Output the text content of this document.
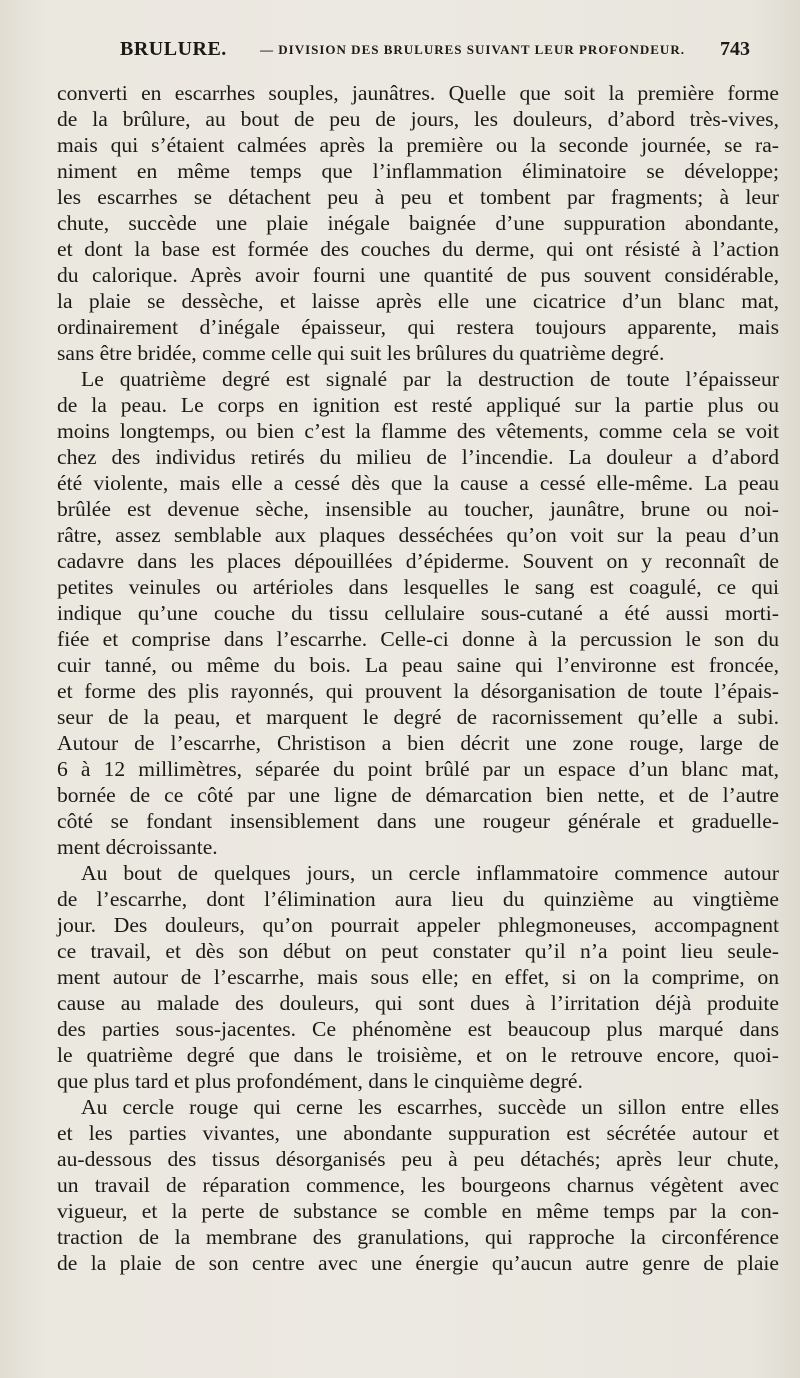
BRULURE.	— DIVISION DES BRULURES SUIVANT LEUR PROFONDEUR. 743
converti en escarrhes souples, jaunâtres. Quelle que soit la première forme
de la brûlure, au bout de peu de jours, les douleurs, d’abord très-vives,
mais qui s’étaient calmées après la première ou la seconde journée, se ra-
niment en même temps que l’inflammation éliminatoire se développe;
les escarrhes se détachent peu à peu et tombent par fragments; à leur
chute, succède une plaie inégale baignée d’une suppuration abondante,
et dont la base est formée des couches du derme, qui ont résisté à l’action
du calorique. Après avoir fourni une quantité de pus souvent considérable,
la plaie se dessèche, et laisse après elle une cicatrice d’un blanc mat,
ordinairement d’inégale épaisseur, qui restera toujours apparente, mais
sans être bridée, comme celle qui suit les brûlures du quatrième degré.
Le quatrième degré est signalé par la destruction de toute l’épaisseur
de la peau. Le corps en ignition est resté appliqué sur la partie plus ou
moins longtemps, ou bien c’est la flamme des vêtements, comme cela se voit
chez des individus retirés du milieu de l’incendie. La douleur a d’abord
été violente, mais elle a cessé dès que la cause a cessé elle-même. La peau
brûlée est devenue sèche, insensible au toucher, jaunâtre, brune ou noi-
râtre, assez semblable aux plaques desséchées qu’on voit sur la peau d’un
cadavre dans les places dépouillées d’épiderme. Souvent on y reconnaît de
petites veinules ou artérioles dans lesquelles le sang est coagulé, ce qui
indique qu’une couche du tissu cellulaire sous-cutané a été aussi morti-
fiée et comprise dans l’escarrhe. Celle-ci donne à la percussion le son du
cuir tanné, ou même du bois. La peau saine qui l’environne est froncée,
et forme des plis rayonnés, qui prouvent la désorganisation de toute l’épais-
seur de la peau, et marquent le degré de racornissement qu’elle a subi.
Autour de l’escarrhe, Christison a bien décrit une zone rouge, large de
6 à 12 millimètres, séparée du point brûlé par un espace d’un blanc mat,
bornée de ce côté par une ligne de démarcation bien nette, et de l’autre
côté se fondant insensiblement dans une rougeur générale et graduelle-
ment décroissante.
Au bout de quelques jours, un cercle inflammatoire commence autour
de l’escarrhe, dont l’élimination aura lieu du quinzième au vingtième
jour. Des douleurs, qu’on pourrait appeler phlegmoneuses, accompagnent
ce travail, et dès son début on peut constater qu’il n’a point lieu seule-
ment autour de l’escarrhe, mais sous elle; en effet, si on la comprime, on
cause au malade des douleurs, qui sont dues à l’irritation déjà produite
des parties sous-jacentes. Ce phénomène est beaucoup plus marqué dans
le quatrième degré que dans le troisième, et on le retrouve encore, quoi-
que plus tard et plus profondément, dans le cinquième degré.
Au cercle rouge qui cerne les escarrhes, succède un sillon entre elles
et les parties vivantes, une abondante suppuration est sécrétée autour et
au-dessous des tissus désorganisés peu à peu détachés; après leur chute,
un travail de réparation commence, les bourgeons charnus végètent avec
vigueur, et la perte de substance se comble en même temps par la con-
traction de la membrane des granulations, qui rapproche la circonférence
de la plaie de son centre avec une énergie qu’aucun autre genre de plaie
